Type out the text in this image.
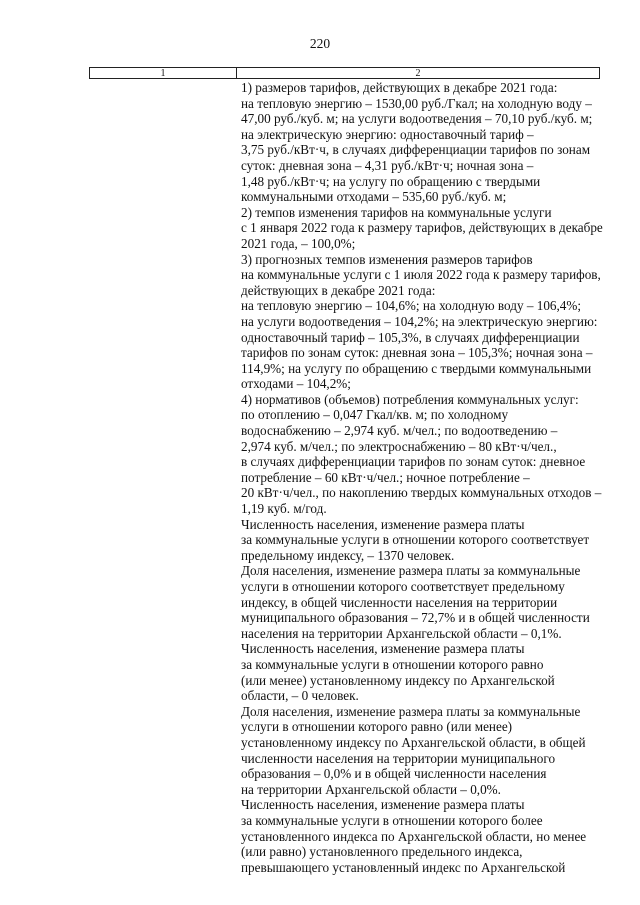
220
1	2
1) размеров тарифов, действующих в декабре 2021 года:
на тепловую энергию – 1530,00 руб./Гкал; на холодную воду –
47,00 руб./куб. м; на услуги водоотведения – 70,10 руб./куб. м;
на электрическую энергию: одноставочный тариф –
3,75 руб./кВт·ч, в случаях дифференциации тарифов по зонам
суток: дневная зона – 4,31 руб./кВт·ч; ночная зона –
1,48 руб./кВт·ч; на услугу по обращению с твердыми
коммунальными отходами – 535,60 руб./куб. м;
2) темпов изменения тарифов на коммунальные услуги
с 1 января 2022 года к размеру тарифов, действующих в декабре
2021 года, – 100,0%;
3) прогнозных темпов изменения размеров тарифов
на коммунальные услуги с 1 июля 2022 года к размеру тарифов,
действующих в декабре 2021 года:
на тепловую энергию – 104,6%; на холодную воду – 106,4%;
на услуги водоотведения – 104,2%; на электрическую энергию:
одноставочный тариф – 105,3%, в случаях дифференциации
тарифов по зонам суток: дневная зона – 105,3%; ночная зона –
114,9%; на услугу по обращению с твердыми коммунальными
отходами – 104,2%;
4) нормативов (объемов) потребления коммунальных услуг:
по отоплению – 0,047 Гкал/кв. м; по холодному
водоснабжению – 2,974 куб. м/чел.; по водоотведению –
2,974 куб. м/чел.; по электроснабжению – 80 кВт·ч/чел.,
в случаях дифференциации тарифов по зонам суток: дневное
потребление – 60 кВт·ч/чел.; ночное потребление –
20 кВт·ч/чел., по накоплению твердых коммунальных отходов –
1,19 куб. м/год.
Численность населения, изменение размера платы
за коммунальные услуги в отношении которого соответствует
предельному индексу, – 1370 человек.
Доля населения, изменение размера платы за коммунальные
услуги в отношении которого соответствует предельному
индексу, в общей численности населения на территории
муниципального образования – 72,7% и в общей численности
населения на территории Архангельской области – 0,1%.
Численность населения, изменение размера платы
за коммунальные услуги в отношении которого равно
(или менее) установленному индексу по Архангельской
области, – 0 человек.
Доля населения, изменение размера платы за коммунальные
услуги в отношении которого равно (или менее)
установленному индексу по Архангельской области, в общей
численности населения на территории муниципального
образования – 0,0% и в общей численности населения
на территории Архангельской области – 0,0%.
Численность населения, изменение размера платы
за коммунальные услуги в отношении которого более
установленного индекса по Архангельской области, но менее
(или равно) установленного предельного индекса,
превышающего установленный индекс по Архангельской
